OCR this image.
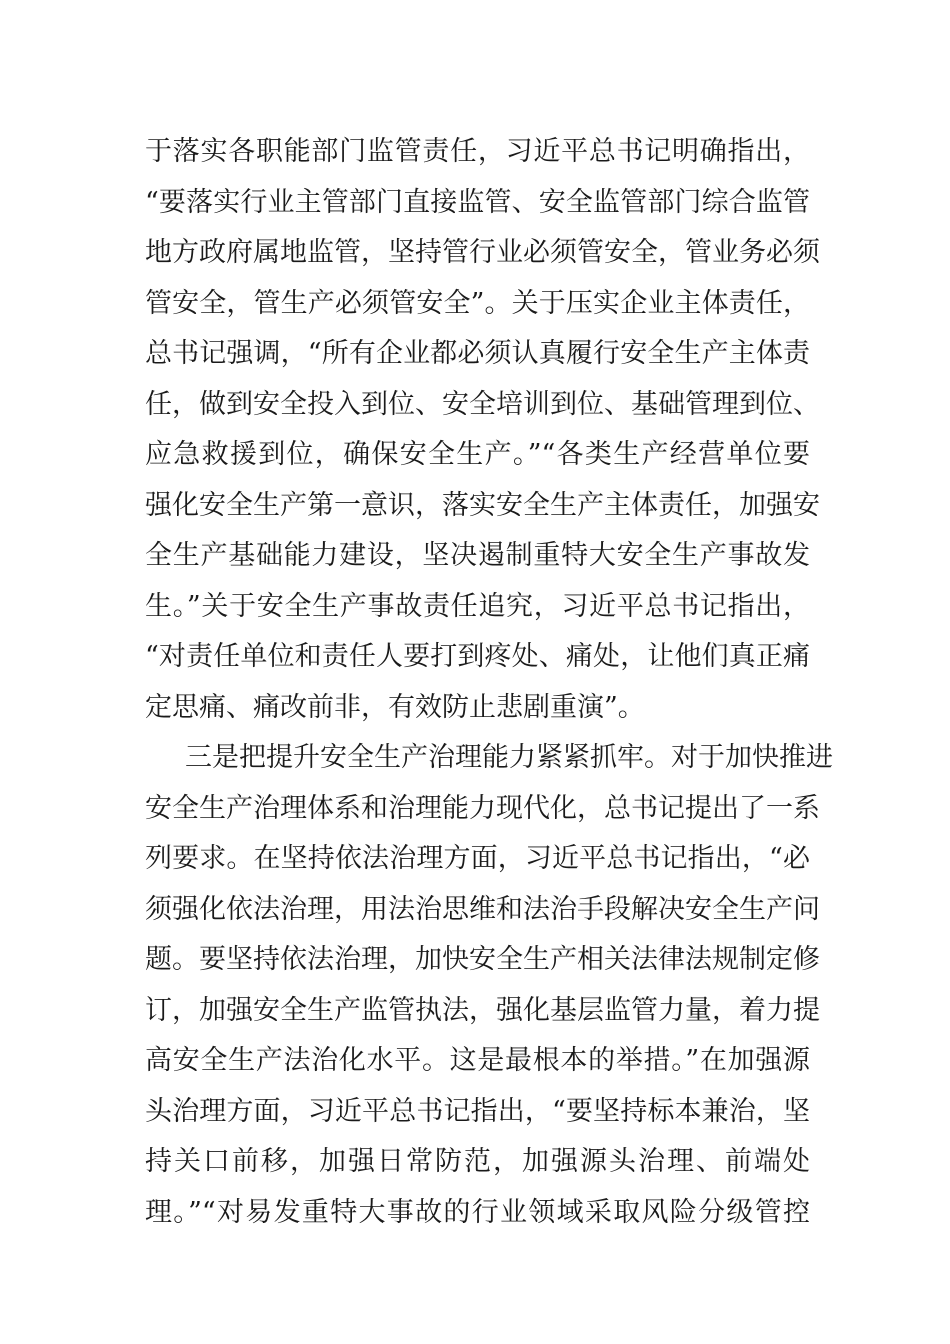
于落实各职能部门监管责任，习近平总书记明确指出，
“要落实行业主管部门直接监管、安全监管部门综合监管
地方政府属地监管，坚持管行业必须管安全，管业务必须
管安全，管生产必须管安全”。关于压实企业主体责任，
总书记强调，“所有企业都必须认真履行安全生产主体责
任，做到安全投入到位、安全培训到位、基础管理到位、
应急救援到位，确保安全生产。”“各类生产经营单位要
强化安全生产第一意识，落实安全生产主体责任，加强安
全生产基础能力建设，坚决遏制重特大安全生产事故发
生。”关于安全生产事故责任追究，习近平总书记指出，
“对责任单位和责任人要打到疼处、痛处，让他们真正痛
定思痛、痛改前非，有效防止悲剧重演”。
三是把提升安全生产治理能力紧紧抓牢。对于加快推进
安全生产治理体系和治理能力现代化，总书记提出了一系
列要求。在坚持依法治理方面，习近平总书记指出，“必
须强化依法治理，用法治思维和法治手段解决安全生产问
题。要坚持依法治理，加快安全生产相关法律法规制定修
订，加强安全生产监管执法，强化基层监管力量，着力提
高安全生产法治化水平。这是最根本的举措。”在加强源
头治理方面，习近平总书记指出，“要坚持标本兼治，坚
持关口前移，加强日常防范，加强源头治理、前端处
理。”“对易发重特大事故的行业领域采取风险分级管控
